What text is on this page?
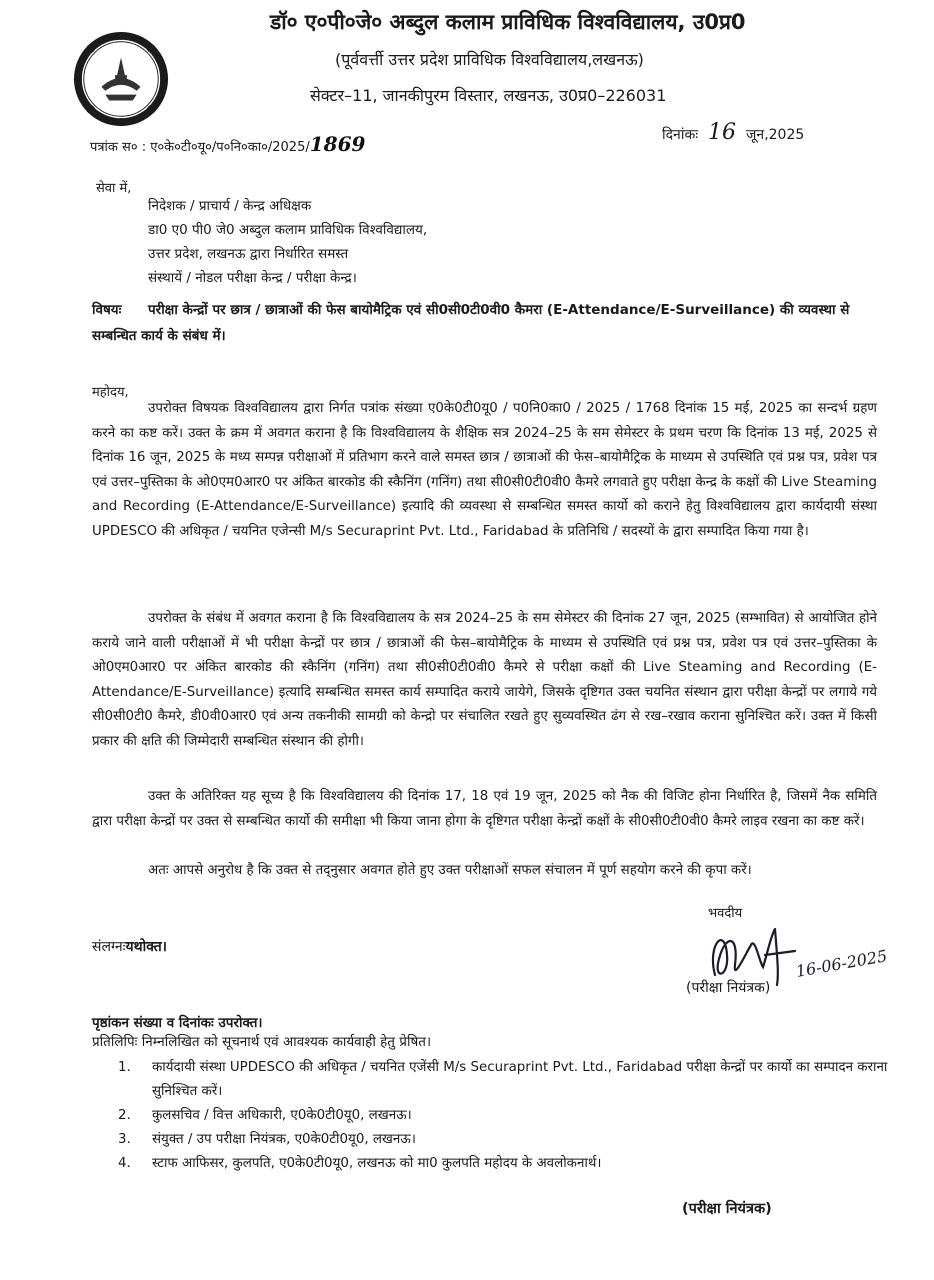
डॉ० ए०पी०जे० अब्दुल कलाम प्राविधिक विश्वविद्यालय, उ0प्र0
(पूर्ववर्त्ती उत्तर प्रदेश प्राविधिक विश्वविद्यालय,लखनऊ)
सेक्टर–11, जानकीपुरम विस्तार, लखनऊ, उ0प्र0–226031
पत्रांक स० : ए०के०टी०यू०/प०नि०का०/2025/1869	दिनांकः 16 जून,2025
सेवा में,
निदेशक / प्राचार्य / केन्द्र अधिक्षक
डा0 ए0 पी0 जे0 अब्दुल कलाम प्राविधिक विश्वविद्यालय,
उत्तर प्रदेश, लखनऊ द्वारा निर्धारित समस्त
संस्थायें / नोडल परीक्षा केन्द्र / परीक्षा केन्द्र।
विषयः परीक्षा केन्द्रों पर छात्र / छात्राओं की फेस बायोमैट्रिक एवं सी0सी0टी0वी0 कैमरा (E-Attendance/E-Surveillance) की व्यवस्था से सम्बन्धित कार्य के संबंध में।
महोदय,

उपरोक्त विषयक विश्वविद्यालय द्वारा निर्गत पत्रांक संख्या ए0के0टी0यू0 / प0नि0का0 / 2025 / 1768 दिनांक 15 मई, 2025 का सन्दर्भ ग्रहण करने का कष्ट करें। उक्त के क्रम में अवगत कराना है कि विश्वविद्यालय के शैक्षिक सत्र 2024–25 के सम सेमेस्टर के प्रथम चरण कि दिनांक 13 मई, 2025 से दिनांक 16 जून, 2025 के मध्य सम्पन्न परीक्षाओं में प्रतिभाग करने वाले समस्त छात्र / छात्राओं की फेस–बायोमैट्रिक के माध्यम से उपस्थिति एवं प्रश्न पत्र, प्रवेश पत्र एवं उत्तर–पुस्तिका के ओ0एम0आर0 पर अंकित बारकोड की स्कैनिंग (गनिंग) तथा सी0सी0टी0वी0 कैमरे लगवाते हुए परीक्षा केन्द्र के कक्षों की Live Steaming and Recording (E-Attendance/E-Surveillance) इत्यादि की व्यवस्था से सम्बन्धित समस्त कार्यो को कराने हेतु विश्वविद्यालय द्वारा कार्यदायी संस्था UPDESCO की अधिकृत / चयनित एजेन्सी M/s Securaprint Pvt. Ltd., Faridabad के प्रतिनिधि / सदस्यों के द्वारा सम्पादित किया गया है।

उपरोक्त के संबंध में अवगत कराना है कि विश्वविद्यालय के सत्र 2024–25 के सम सेमेस्टर की दिनांक 27 जून, 2025 (सम्भावित) से आयोजित होने कराये जाने वाली परीक्षाओं में भी परीक्षा केन्द्रों पर छात्र / छात्राओं की फेस–बायोमैट्रिक के माध्यम से उपस्थिति एवं प्रश्न पत्र, प्रवेश पत्र एवं उत्तर–पुस्तिका के ओ0एम0आर0 पर अंकित बारकोड की स्कैनिंग (गनिंग) तथा सी0सी0टी0वी0 कैमरे से परीक्षा कक्षों की Live Steaming and Recording (E-Attendance/E-Surveillance) इत्यादि सम्बन्धित समस्त कार्य सम्पादित कराये जायेगे, जिसके दृष्टिगत उक्त चयनित संस्थान द्वारा परीक्षा केन्द्रों पर लगाये गये सी0सी0टी0 कैमरे, डी0वी0आर0 एवं अन्य तकनीकी सामग्री को केन्द्रो पर संचालित रखते हुए सुव्यवस्थित ढंग से रख–रखाव कराना सुनिश्चित करें। उक्त में किसी प्रकार की क्षति की जिम्मेदारी सम्बन्धित संस्थान की होगी।

उक्त के अतिरिक्त यह सूच्य है कि विश्वविद्यालय की दिनांक 17, 18 एवं 19 जून, 2025 को नैक की विजिट होना निर्धारित है, जिसमें नैक समिति द्वारा परीक्षा केन्द्रों पर उक्त से सम्बन्धित कार्यो की समीक्षा भी किया जाना होगा के दृष्टिगत परीक्षा केन्द्रों कक्षों के सी0सी0टी0वी0 कैमरे लाइव रखना का कष्ट करें।

अतः आपसे अनुरोध है कि उक्त से तद्नुसार अवगत होते हुए उक्त परीक्षाओं सफल संचालन में पूर्ण सहयोग करने की कृपा करें।

संलग्नःयथोक्त।
भवदीय
16-06-2025
(परीक्षा नियंत्रक)
पृष्ठांकन संख्या व दिनांकः उपरोक्त।
प्रतिलिपिः निम्नलिखित को सूचनार्थ एवं आवश्यक कार्यवाही हेतु प्रेषित।
1. कार्यदायी संस्था UPDESCO की अधिकृत / चयनित एजेंसी M/s Securaprint Pvt. Ltd., Faridabad परीक्षा केन्द्रों पर कार्यो का सम्पादन कराना सुनिश्चित करें।
2. कुलसचिव / वित्त अधिकारी, ए0के0टी0यू0, लखनऊ।
3. संयुक्त / उप परीक्षा नियंत्रक, ए0के0टी0यू0, लखनऊ।
4. स्टाफ आफिसर, कुलपति, ए0के0टी0यू0, लखनऊ को मा0 कुलपति महोदय के अवलोकनार्थ।
(परीक्षा नियंत्रक)
